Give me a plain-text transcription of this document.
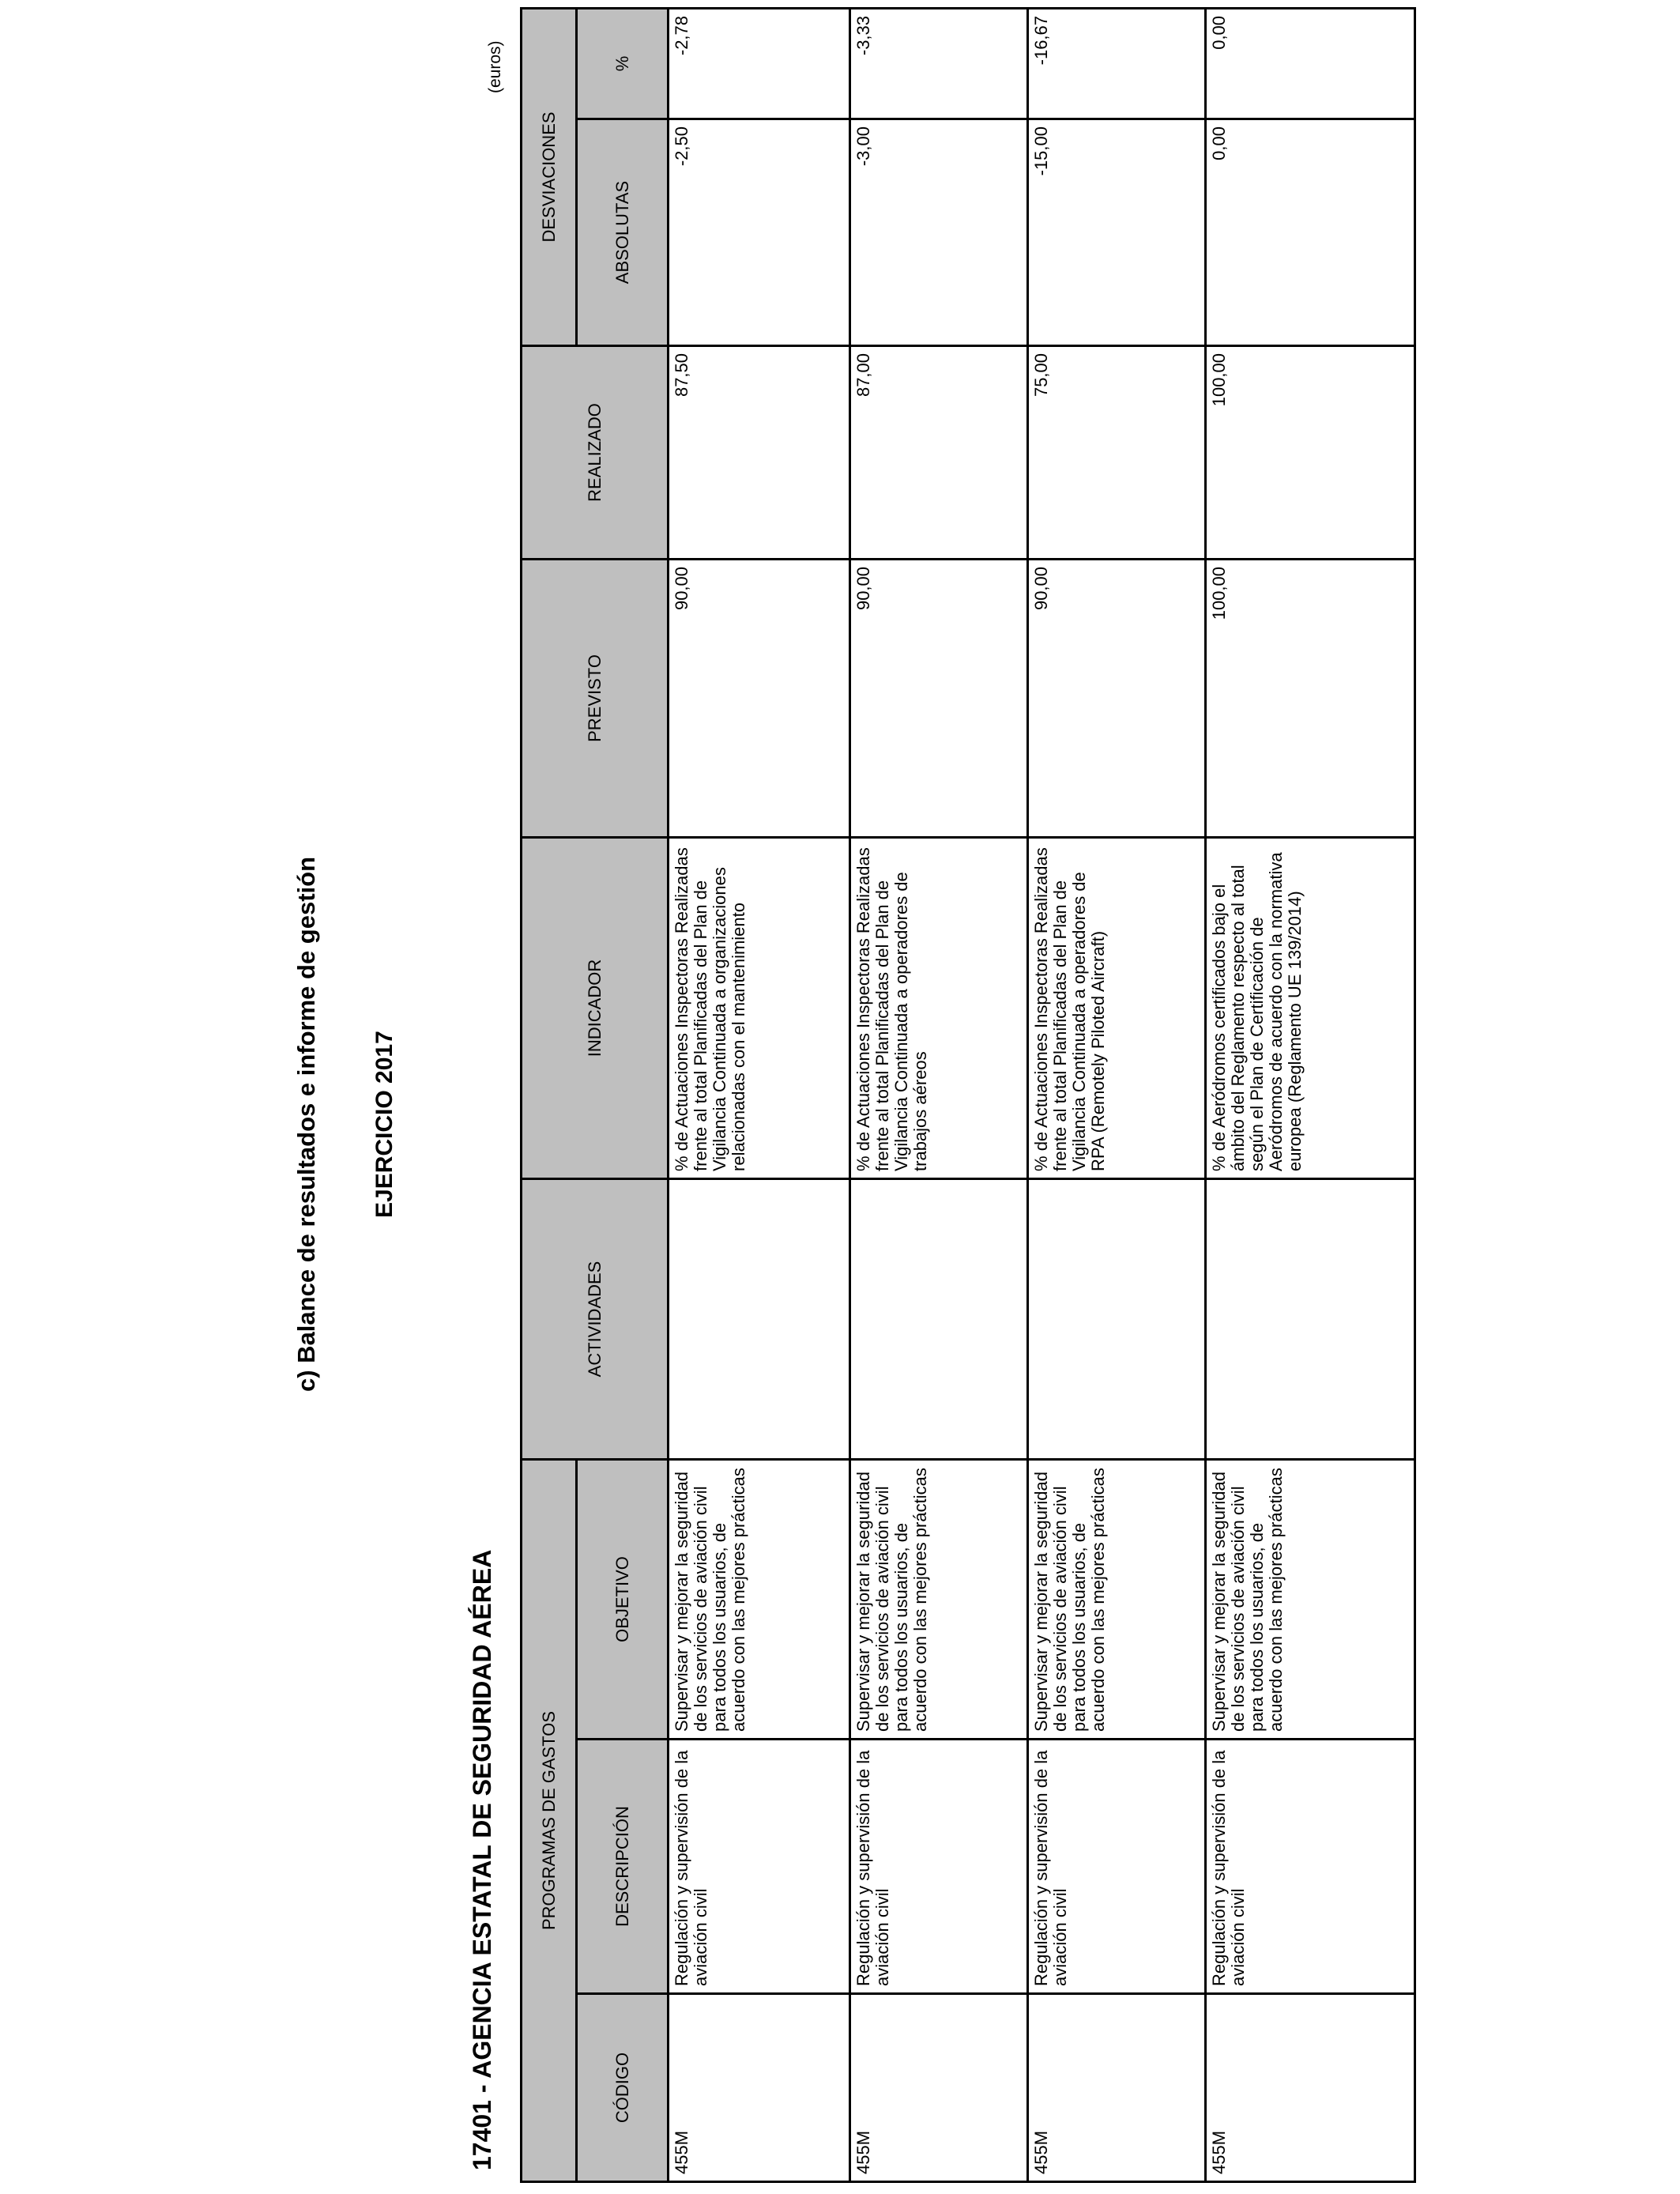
c) Balance de resultados e informe de gestión EJERCICIO 2017
17401 - AGENCIA ESTATAL DE SEGURIDAD AÉREA
(euros)
PROGRAMAS DE GASTOS			ACTIVIDADES	INDICADOR	PREVISTO	REALIZADO	DESVIACIONES	
CÓDIGO	DESCRIPCIÓN	OBJETIVO					ABSOLUTAS	%
455M	Regulación y supervisión de la aviación civil	Supervisar y mejorar la seguridad de los servicios de aviación civil para todos los usuarios, de acuerdo con las mejores prácticas		% de Actuaciones Inspectoras Realizadas frente al total Planificadas del Plan de Vigilancia Continuada a organizaciones relacionadas con el mantenimiento	90,00	87,50	-2,50	-2,78
455M	Regulación y supervisión de la aviación civil	Supervisar y mejorar la seguridad de los servicios de aviación civil para todos los usuarios, de acuerdo con las mejores prácticas		% de Actuaciones Inspectoras Realizadas frente al total Planificadas del Plan de Vigilancia Continuada a operadores de trabajos aéreos	90,00	87,00	-3,00	-3,33
455M	Regulación y supervisión de la aviación civil	Supervisar y mejorar la seguridad de los servicios de aviación civil para todos los usuarios, de acuerdo con las mejores prácticas		% de Actuaciones Inspectoras Realizadas frente al total Planificadas del Plan de Vigilancia Continuada a operadores de RPA (Remotely Piloted Aircraft)	90,00	75,00	-15,00	-16,67
455M	Regulación y supervisión de la aviación civil	Supervisar y mejorar la seguridad de los servicios de aviación civil para todos los usuarios, de acuerdo con las mejores prácticas		% de Aeródromos certificados bajo el ámbito del Reglamento respecto al total según el Plan de Certificación de Aeródromos de acuerdo con la normativa europea (Reglamento UE 139/2014)	100,00	100,00	0,00	0,00
